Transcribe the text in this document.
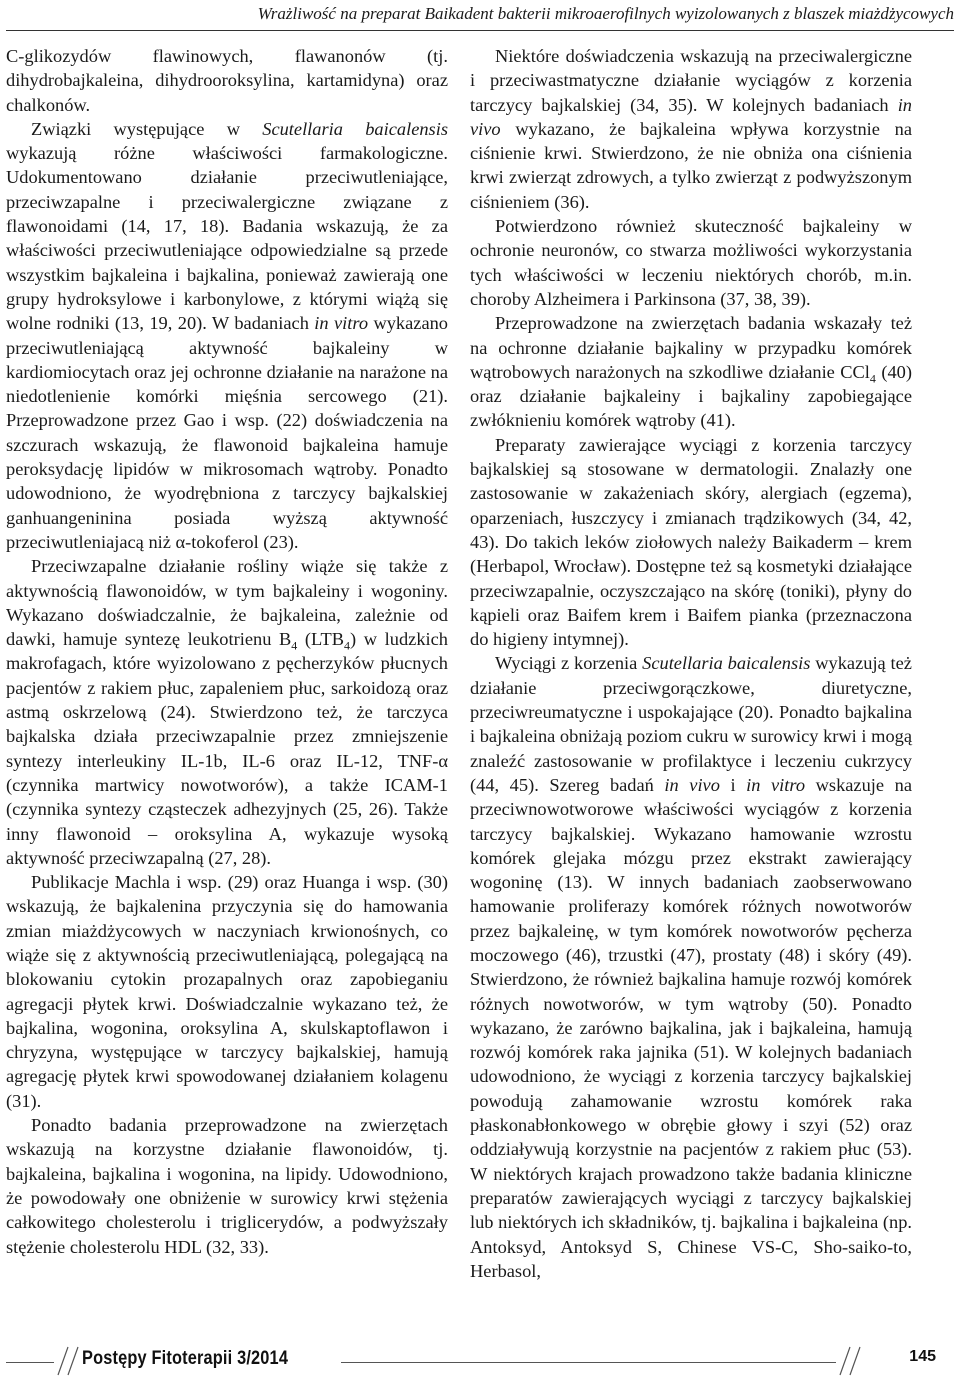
Wrażliwość na preparat Baikadent bakterii mikroaerofilnych wyizolowanych z blaszek miażdżycowych

C-glikozydów flawinowych, flawanonów (tj. dihydrobajkaleina, dihydrooroksylina, kartamidyna) oraz chalkonów.

Związki występujące w Scutellaria baicalensis wykazują różne właściwości farmakologiczne. Udokumentowano działanie przeciwutleniające, przeciwzapalne i przeciwalergiczne związane z flawonoidami (14, 17, 18). Badania wskazują, że za właściwości przeciwutleniające odpowiedzialne są przede wszystkim bajkaleina i bajkalina, ponieważ zawierają one grupy hydroksylowe i karbonylowe, z którymi wiążą się wolne rodniki (13, 19, 20). W badaniach in vitro wykazano przeciwutleniającą aktywność bajkaleiny w kardiomiocytach oraz jej ochronne działanie na narażone na niedotlenienie komórki mięśnia sercowego (21). Przeprowadzone przez Gao i wsp. (22) doświadczenia na szczurach wskazują, że flawonoid bajkaleina hamuje peroksydację lipidów w mikrosomach wątroby. Ponadto udowodniono, że wyodrębniona z tarczycy bajkalskiej ganhuangeninina posiada wyższą aktywność przeciwutleniajacą niż α-tokoferol (23).

Przeciwzapalne działanie rośliny wiąże się także z aktywnością flawonoidów, w tym bajkaleiny i wogoniny. Wykazano doświadczalnie, że bajkaleina, zależnie od dawki, hamuje syntezę leukotrienu $B_4$ $(LTB_4)$ w ludzkich makrofagach, które wyizolowano z pęcherzyków płucnych pacjentów z rakiem płuc, zapaleniem płuc, sarkoidozą oraz astmą oskrzelową (24). Stwierdzono też, że tarczyca bajkalska działa przeciwzapalnie przez zmniejszenie syntezy interleukiny IL-1b, IL-6 oraz IL-12, TNF-α (czynnika martwicy nowotworów), a także ICAM-1 (czynnika syntezy cząsteczek adhezyjnych (25, 26). Także inny flawonoid – oroksylina A, wykazuje wysoką aktywność przeciwzapalną (27, 28).

Publikacje Machla i wsp. (29) oraz Huanga i wsp. (30) wskazują, że bajkalenina przyczynia się do hamowania zmian miażdżycowych w naczyniach krwionośnych, co wiąże się z aktywnością przeciwutleniającą, polegającą na blokowaniu cytokin prozapalnych oraz zapobieganiu agregacji płytek krwi. Doświadczalnie wykazano też, że bajkalina, wogonina, oroksylina A, skulskaptoflawon i chryzyna, występujące w tarczycy bajkalskiej, hamują agregację płytek krwi spowodowanej działaniem kolagenu (31).

Ponadto badania przeprowadzone na zwierzętach wskazują na korzystne działanie flawonoidów, tj. bajkaleina, bajkalina i wogonina, na lipidy. Udowodniono, że powodowały one obniżenie w surowicy krwi stężenia całkowitego cholesterolu i triglicerydów, a podwyższały stężenie cholesterolu HDL (32, 33).

Niektóre doświadczenia wskazują na przeciwalergiczne i przeciwastmatyczne działanie wyciągów z korzenia tarczycy bajkalskiej (34, 35). W kolejnych badaniach in vivo wykazano, że bajkaleina wpływa korzystnie na ciśnienie krwi. Stwierdzono, że nie obniża ona ciśnienia krwi zwierząt zdrowych, a tylko zwierząt z podwyższonym ciśnieniem (36).

Potwierdzono również skuteczność bajkaleiny w ochronie neuronów, co stwarza możliwości wykorzystania tych właściwości w leczeniu niektórych chorób, m.in. choroby Alzheimera i Parkinsona (37, 38, 39).

Przeprowadzone na zwierzętach badania wskazały też na ochronne działanie bajkaliny w przypadku komórek wątrobowych narażonych na szkodliwe działanie CCl$_4$ (40) oraz działanie bajkaleiny i bajkaliny zapobiegające zwłóknieniu komórek wątroby (41).

Preparaty zawierające wyciągi z korzenia tarczycy bajkalskiej są stosowane w dermatologii. Znalazły one zastosowanie w zakażeniach skóry, alergiach (egzema), oparzeniach, łuszczycy i zmianach trądzikowych (34, 42, 43). Do takich leków ziołowych należy Baikaderm – krem (Herbapol, Wrocław). Dostępne też są kosmetyki działające przeciwzapalnie, oczyszczająco na skórę (toniki), płyny do kąpieli oraz Baifem krem i Baifem pianka (przeznaczona do higieny intymnej).

Wyciągi z korzenia Scutellaria baicalensis wykazują też działanie przeciwgorączkowe, diuretyczne, przeciwreumatyczne i uspokajające (20). Ponadto bajkalina i bajkaleina obniżają poziom cukru w surowicy krwi i mogą znaleźć zastosowanie w profilaktyce i leczeniu cukrzycy (44, 45). Szereg badań in vivo i in vitro wskazuje na przeciwnowotworowe właściwości wyciągów z korzenia tarczycy bajkalskiej. Wykazano hamowanie wzrostu komórek glejaka mózgu przez ekstrakt zawierający wogoninę (13). W innych badaniach zaobserwowano hamowanie proliferazy komórek różnych nowotworów przez bajkaleinę, w tym komórek nowotworów pęcherza moczowego (46), trzustki (47), prostaty (48) i skóry (49). Stwierdzono, że również bajkalina hamuje rozwój komórek różnych nowotworów, w tym wątroby (50). Ponadto wykazano, że zarówno bajkalina, jak i bajkaleina, hamują rozwój komórek raka jajnika (51). W kolejnych badaniach udowodniono, że wyciągi z korzenia tarczycy bajkalskiej powodują zahamowanie wzrostu komórek raka płaskonabłonkowego w obrębie głowy i szyi (52) oraz oddziaływują korzystnie na pacjentów z rakiem płuc (53). W niektórych krajach prowadzono także badania kliniczne preparatów zawierających wyciągi z tarczycy bajkalskiej lub niektórych ich składników, tj. bajkalina i bajkaleina (np. Antoksyd, Antoksyd S, Chinese VS-C, Sho-saiko-to, Herbasol,

Postępy Fitoterapii 3/2014	145
